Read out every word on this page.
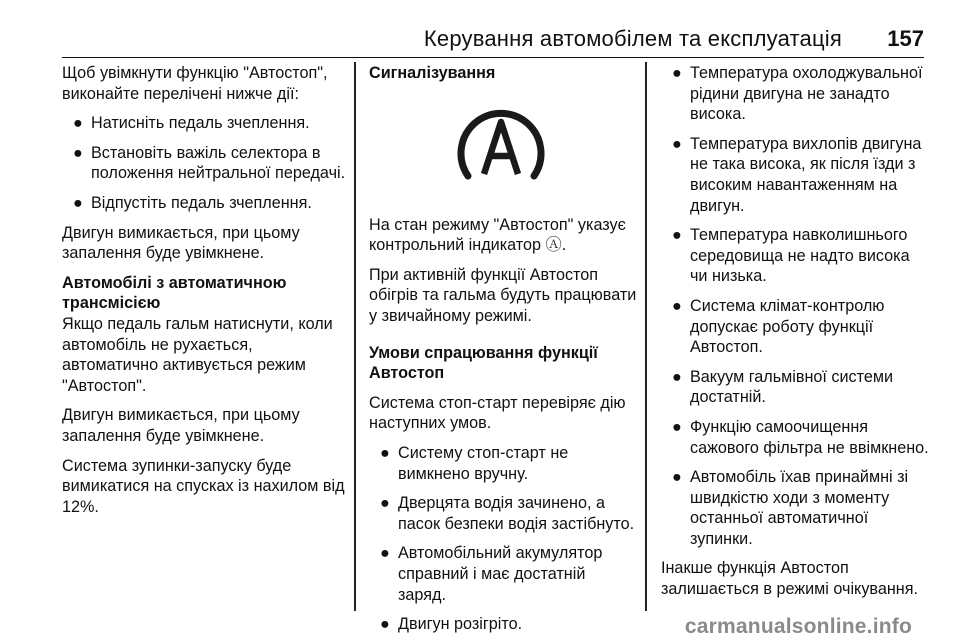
Керування автомобілем та експлуатація 157

Щоб увімкнути функцію "Автостоп", виконайте перелічені нижче дії:

● Натисніть педаль зчеплення.
● Встановіть важіль селектора в положення нейтральної передачі.
● Відпустіть педаль зчеплення.

Двигун вимикається, при цьому запалення буде увімкнене.

Автомобілі з автоматичною трансмісією

Якщо педаль гальм натиснути, коли автомобіль не рухається, автоматично активується режим "Автостоп".

Двигун вимикається, при цьому запалення буде увімкнене.

Система зупинки-запуску буде вимикатися на спусках із нахилом від 12%.

Сигналізування

На стан режиму "Автостоп" указує контрольний індикатор Ⓐ.

При активній функції Автостоп обігрів та гальма будуть працювати у звичайному режимі.

Умови спрацювання функції Автостоп

Система стоп-старт перевіряє дію наступних умов.

● Систему стоп-старт не вимкнено вручну.
● Дверцята водія зачинено, а пасок безпеки водія застібнуто.
● Автомобільний акумулятор справний і має достатній заряд.
● Двигун розігріто.
● Температура охолоджувальної рідини двигуна не занадто висока.
● Температура вихлопів двигуна не така висока, як після їзди з високим навантаженням на двигун.
● Температура навколишнього середовища не надто висока чи низька.
● Система клімат-контролю допускає роботу функції Автостоп.
● Вакуум гальмівної системи достатній.
● Функцію самоочищення сажового фільтра не ввімкнено.
● Автомобіль їхав принаймні зі швидкістю ходи з моменту останньої автоматичної зупинки.

Інакше функція Автостоп залишається в режимі очікування.

carmanualsonline.info
